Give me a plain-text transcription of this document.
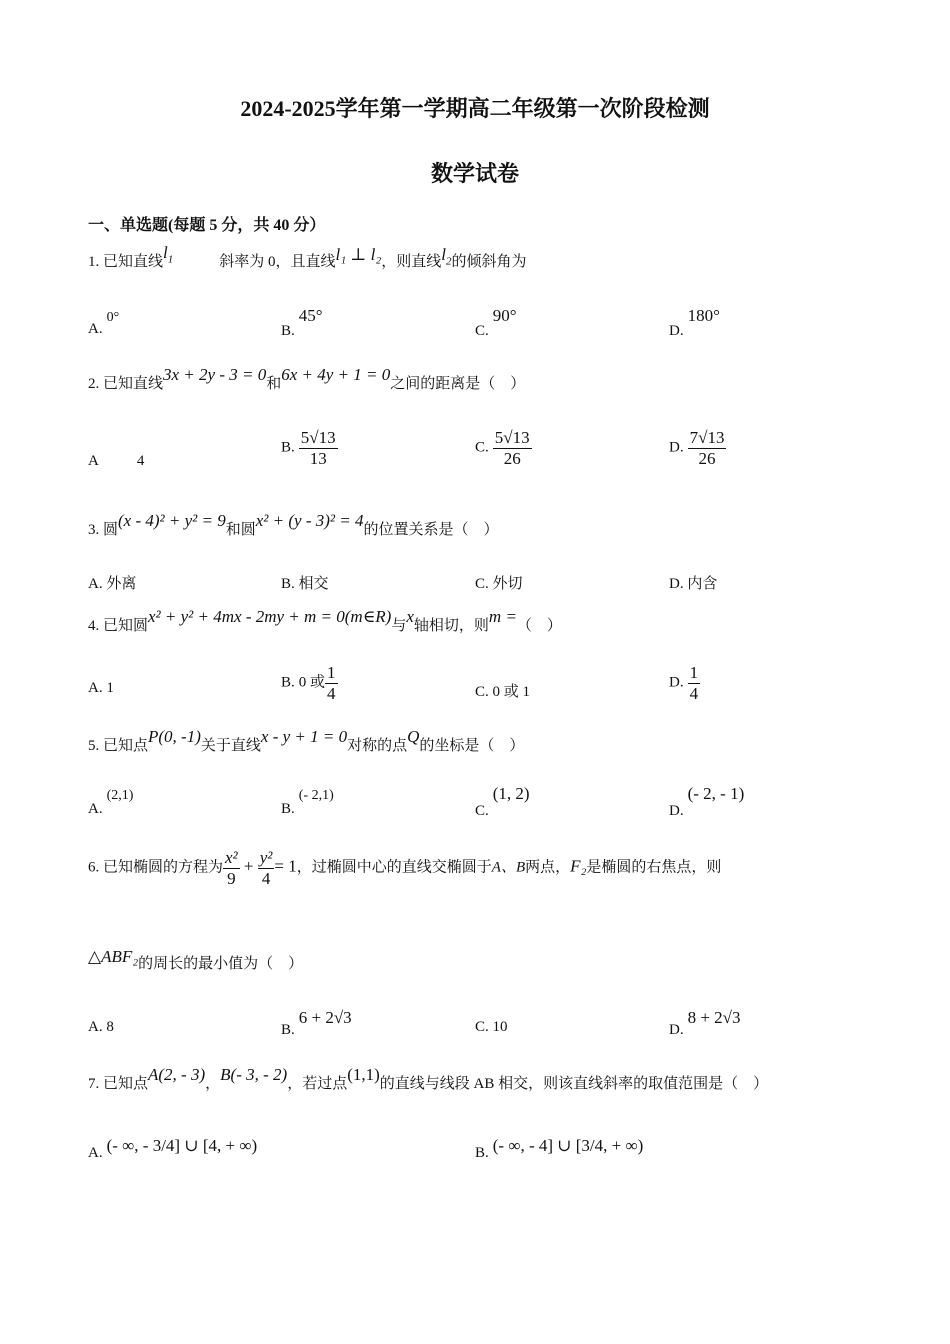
2024-2025学年第一学期高二年级第一次阶段检测
数学试卷
一、单选题(每题 5 分，共 40 分）
1. 已知直线$l_1$	斜率为 0，且直线l₁ ⊥ l₂，则直线$l_2$的倾斜角为
A. 0°
B. 45°
C. 90°
D. 180°
2. 已知直线3x + 2y - 3 = 0和6x + 4y + 1 = 0之间的距离是（　）
A	4
B. $\frac{5√13}{13}$	C. $\frac{5√13}{26}$	D. $\frac{7√13}{26}$
3. 圆(x - 4)² + y² = 9和圆x² + (y - 3)² = 4的位置关系是（　）
A. 外离	B. 相交	C. 外切	D. 内含
4. 已知圆x² + y² + 4mx - 2my + m = 0(m∈R)与x轴相切，则m =（　）
A. 1	B. 0 或 $\frac{1}{4}$	C. 0 或 1
D. $\frac{1}{4}$
5. 已知点P(0, -1)关于直线x - y + 1 = 0对称的点Q的坐标是（　）
A. (2,1)
B. (- 2,1)
C. (1, 2)
D. (- 2, - 1)
6. 已知椭圆的方程为 $\frac{\text{x²}}{9} + \frac{\text{y²}}{4} = 1$，过椭圆中心的直线交椭圆于A、B两点，F₂是椭圆的右焦点，则
△ABF₂的周长的最小值为（　）
A. 8	B. 6 + 2√3	C. 10	D. 8 + 2√3
7. 已知点A(2, - 3)，B(- 3, - 2)，若过点(1,1)的直线与线段 AB 相交，则该直线斜率的取值范围是（　）
A. (- ∞, - 3/4] ∪ [4, + ∞)	B. (- ∞, - 4] ∪ [3/4, + ∞)
